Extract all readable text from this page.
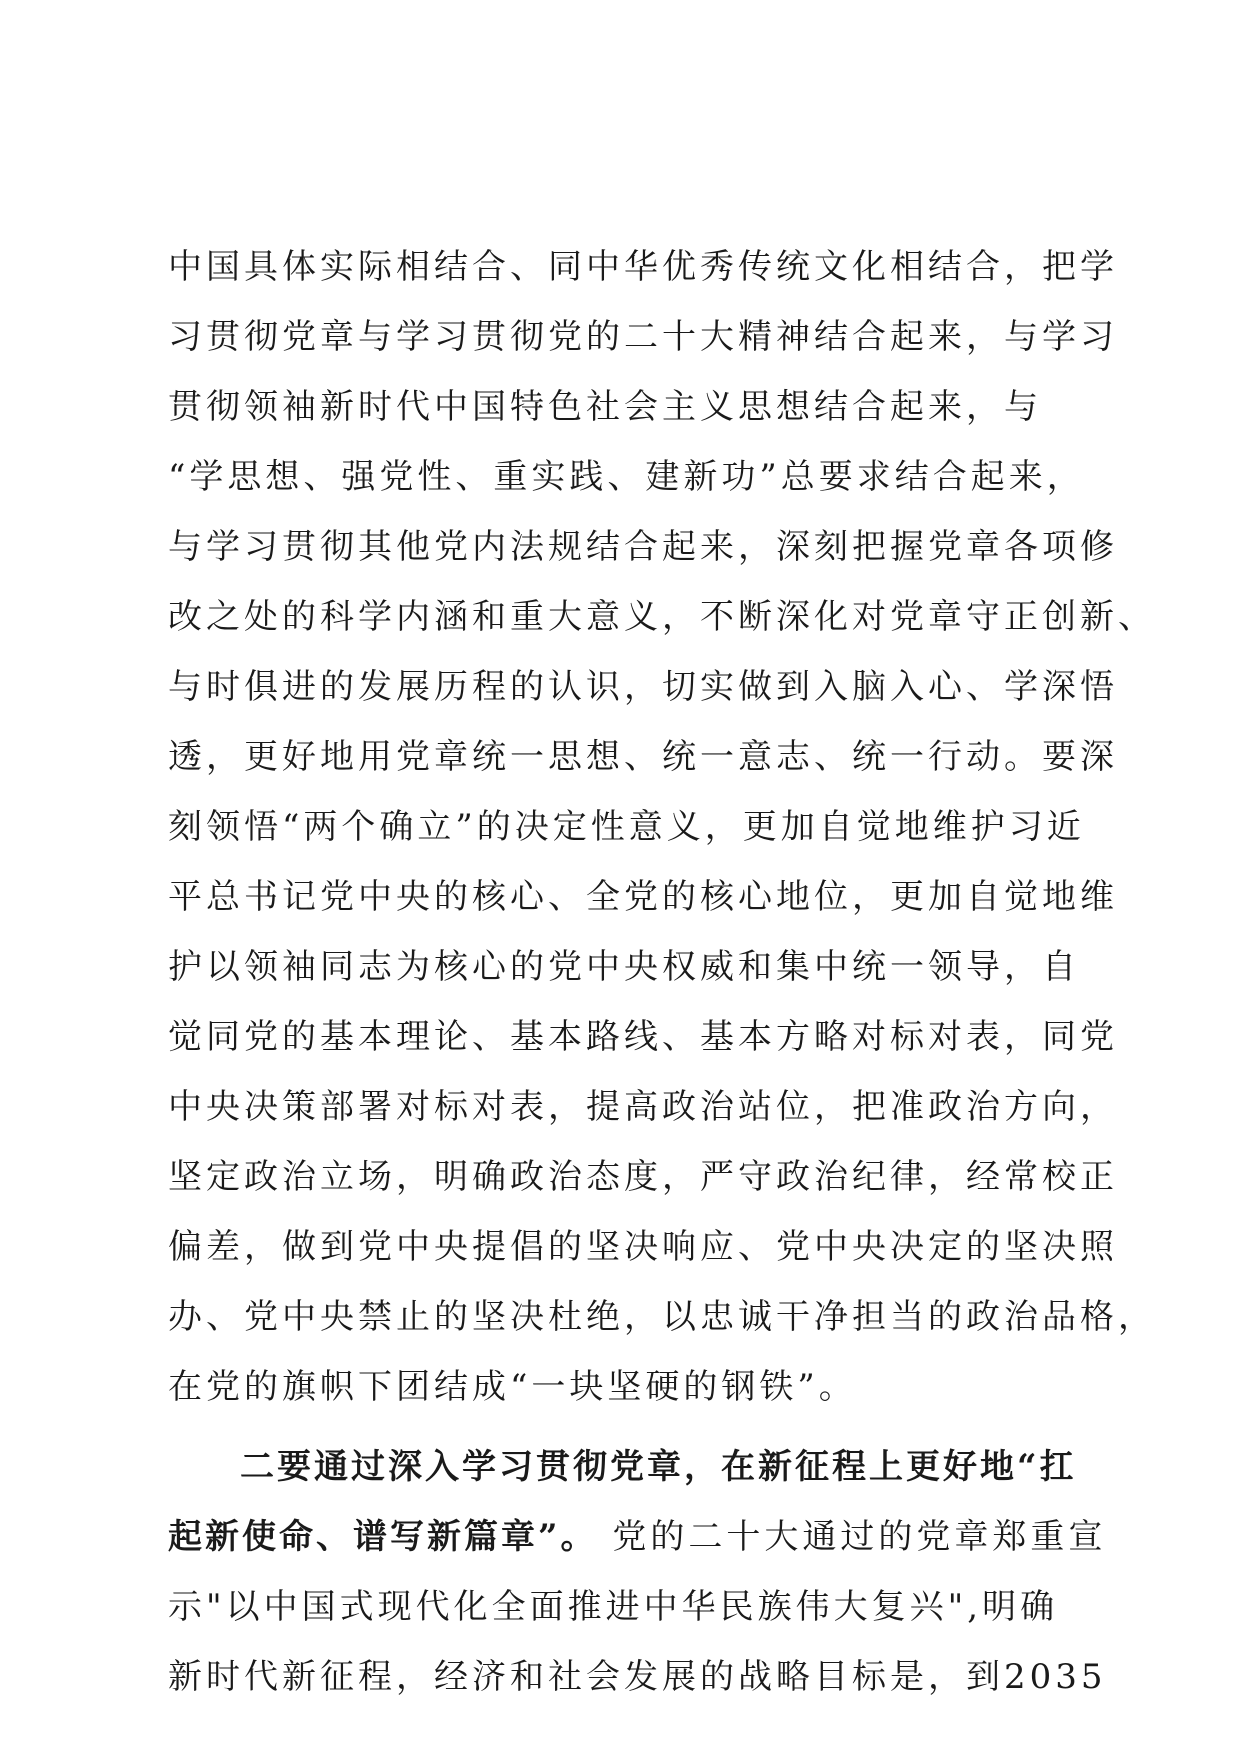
中国具体实际相结合、同中华优秀传统文化相结合，把学
习贯彻党章与学习贯彻党的二十大精神结合起来，与学习
贯彻领袖新时代中国特色社会主义思想结合起来，与
“学思想、强党性、重实践、建新功”总要求结合起来，
与学习贯彻其他党内法规结合起来，深刻把握党章各项修
改之处的科学内涵和重大意义，不断深化对党章守正创新、
与时俱进的发展历程的认识，切实做到入脑入心、学深悟
透，更好地用党章统一思想、统一意志、统一行动。要深
刻领悟“两个确立”的决定性意义，更加自觉地维护习近
平总书记党中央的核心、全党的核心地位，更加自觉地维
护以领袖同志为核心的党中央权威和集中统一领导，自
觉同党的基本理论、基本路线、基本方略对标对表，同党
中央决策部署对标对表，提高政治站位，把准政治方向，
坚定政治立场，明确政治态度，严守政治纪律，经常校正
偏差，做到党中央提倡的坚决响应、党中央决定的坚决照
办、党中央禁止的坚决杜绝，以忠诚干净担当的政治品格，
在党的旗帜下团结成“一块坚硬的钢铁”。
二要通过深入学习贯彻党章，在新征程上更好地“扛
起新使命、谱写新篇章”。 党的二十大通过的党章郑重宣
示"以中国式现代化全面推进中华民族伟大复兴",明确
新时代新征程，经济和社会发展的战略目标是，到2035
